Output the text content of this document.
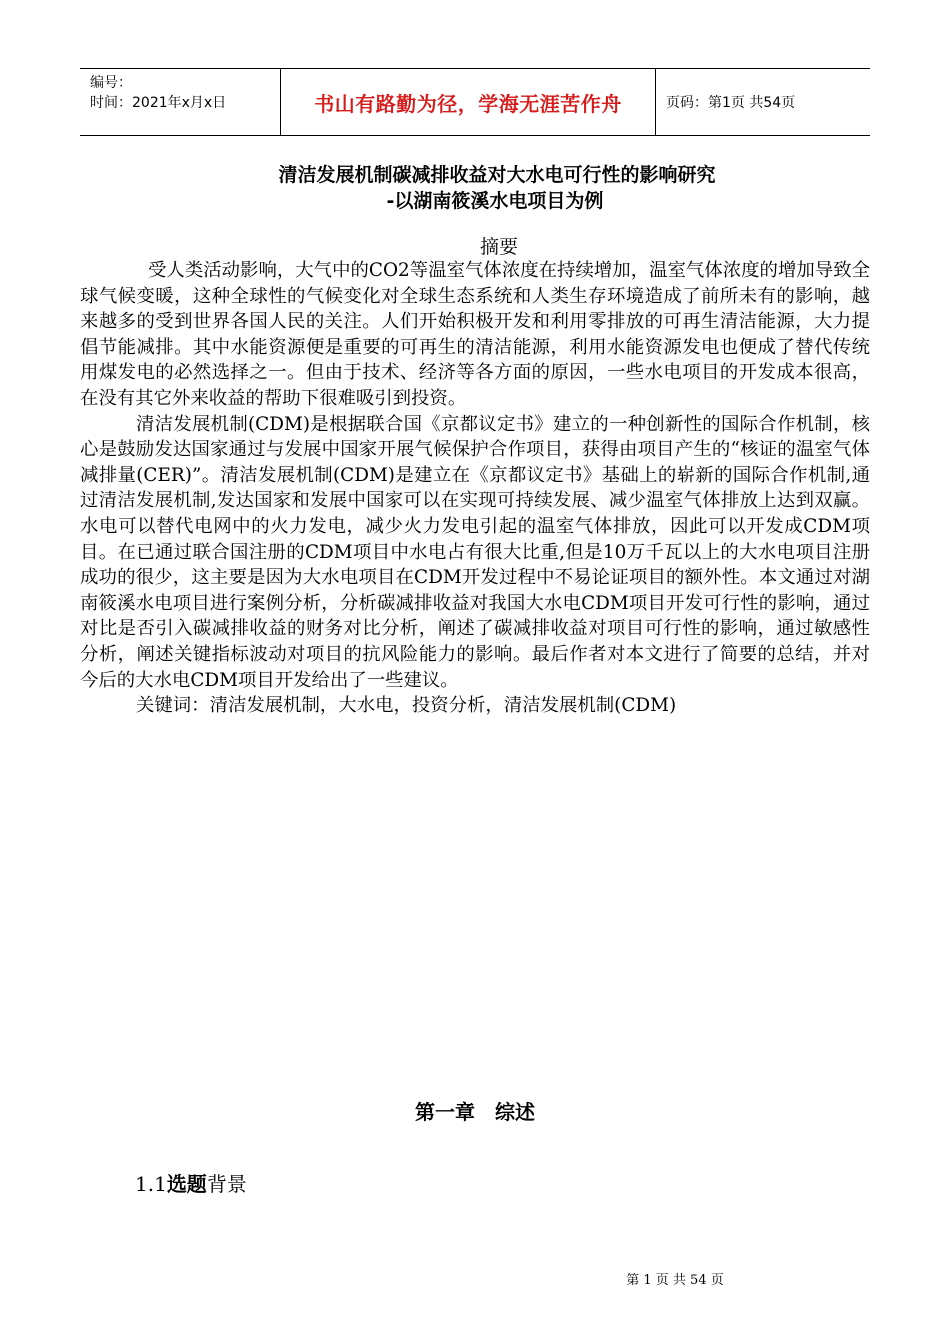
编号：
时间：2021年x月x日	书山有路勤为径，学海无涯苦作舟	页码：第1页 共54页
清洁发展机制碳减排收益对大水电可行性的影响研究
-以湖南筱溪水电项目为例
摘要

受人类活动影响，大气中的CO2等温室气体浓度在持续增加，温室气体浓度的增加导致全球气候变暖，这种全球性的气候变化对全球生态系统和人类生存环境造成了前所未有的影响，越来越多的受到世界各国人民的关注。人们开始积极开发和利用零排放的可再生清洁能源，大力提倡节能减排。其中水能资源便是重要的可再生的清洁能源，利用水能资源发电也便成了替代传统用煤发电的必然选择之一。但由于技术、经济等各方面的原因，一些水电项目的开发成本很高，在没有其它外来收益的帮助下很难吸引到投资。

清洁发展机制(CDM)是根据联合国《京都议定书》建立的一种创新性的国际合作机制，核心是鼓励发达国家通过与发展中国家开展气候保护合作项目，获得由项目产生的“核证的温室气体减排量(CER)”。清洁发展机制(CDM)是建立在《京都议定书》基础上的崭新的国际合作机制,通过清洁发展机制,发达国家和发展中国家可以在实现可持续发展、减少温室气体排放上达到双赢。水电可以替代电网中的火力发电，减少火力发电引起的温室气体排放，因此可以开发成CDM项目。在已通过联合国注册的CDM项目中水电占有很大比重,但是10万千瓦以上的大水电项目注册成功的很少，这主要是因为大水电项目在CDM开发过程中不易论证项目的额外性。本文通过对湖南筱溪水电项目进行案例分析，分析碳减排收益对我国大水电CDM项目开发可行性的影响，通过对比是否引入碳减排收益的财务对比分析，阐述了碳减排收益对项目可行性的影响，通过敏感性分析，阐述关键指标波动对项目的抗风险能力的影响。最后作者对本文进行了简要的总结，并对今后的大水电CDM项目开发给出了一些建议。

关键词：清洁发展机制，大水电，投资分析，清洁发展机制(CDM)

第一章　综述
1.1选题背景
第 1 页 共 54 页
